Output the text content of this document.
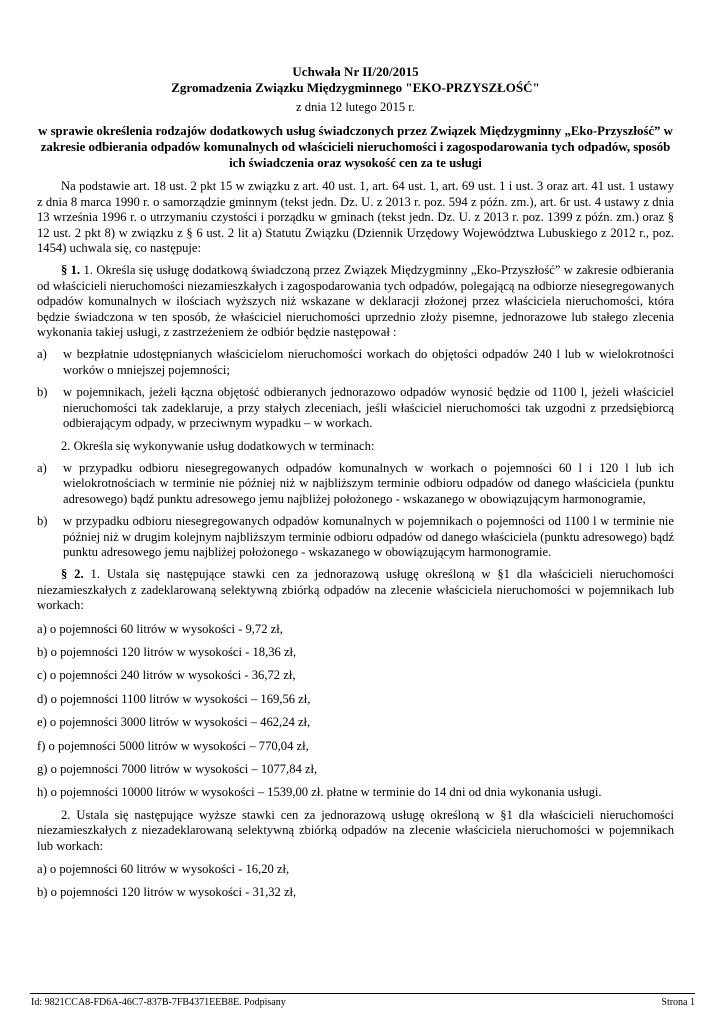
Uchwała Nr II/20/2015
Zgromadzenia Związku Międzygminnego "EKO-PRZYSZŁOŚĆ"
z dnia 12 lutego 2015 r.
w sprawie określenia rodzajów dodatkowych usług świadczonych przez Związek Międzygminny „Eko-Przyszłość” w zakresie odbierania odpadów komunalnych od właścicieli nieruchomości i zagospodarowania tych odpadów, sposób ich świadczenia oraz wysokość cen za te usługi

Na podstawie art. 18 ust. 2 pkt 15 w związku z art. 40 ust. 1, art. 64 ust. 1, art. 69 ust. 1 i ust. 3 oraz art. 41 ust. 1 ustawy z dnia 8 marca 1990 r. o samorządzie gminnym (tekst jedn. Dz. U. z 2013 r. poz. 594 z późn. zm.), art. 6r ust. 4 ustawy z dnia 13 września 1996 r. o utrzymaniu czystości i porządku w gminach (tekst jedn. Dz. U. z 2013 r. poz. 1399 z późn. zm.) oraz § 12 ust. 2 pkt 8) w związku z § 6 ust. 2 lit a) Statutu Związku (Dziennik Urzędowy Województwa Lubuskiego z 2012 r., poz. 1454) uchwala się, co następuje:

§ 1. 1. Określa się usługę dodatkową świadczoną przez Związek Międzygminny „Eko-Przyszłość” w zakresie odbierania od właścicieli nieruchomości niezamieszkałych i zagospodarowania tych odpadów, polegającą na odbiorze niesegregowanych odpadów komunalnych w ilościach wyższych niż wskazane w deklaracji złożonej przez właściciela nieruchomości, która będzie świadczona w ten sposób, że właściciel nieruchomości uprzednio złoży pisemne, jednorazowe lub stałego zlecenia wykonania takiej usługi, z zastrzeżeniem że odbiór będzie następował :

a) w bezpłatnie udostępnianych właścicielom nieruchomości workach do objętości odpadów 240 l lub w wielokrotności worków o mniejszej pojemności;
b) w pojemnikach, jeżeli łączna objętość odbieranych jednorazowo odpadów wynosić będzie od 1100 l, jeżeli właściciel nieruchomości tak zadeklaruje, a przy stałych zleceniach, jeśli właściciel nieruchomości tak uzgodni z przedsiębiorcą odbierającym odpady, w przeciwnym wypadku – w workach.

2. Określa się wykonywanie usług dodatkowych w terminach:

a) w przypadku odbioru niesegregowanych odpadów komunalnych w workach o pojemności 60 l i 120 l lub ich wielokrotnościach w terminie nie później niż w najbliższym terminie odbioru odpadów od danego właściciela (punktu adresowego) bądź punktu adresowego jemu najbliżej położonego - wskazanego w obowiązującym harmonogramie,
b) w przypadku odbioru niesegregowanych odpadów komunalnych w pojemnikach o pojemności od 1100 l w terminie nie później niż w drugim kolejnym najbliższym terminie odbioru odpadów od danego właściciela (punktu adresowego) bądź punktu adresowego jemu najbliżej położonego - wskazanego w obowiązującym harmonogramie.

§ 2. 1. Ustala się następujące stawki cen za jednorazową usługę określoną w §1 dla właścicieli nieruchomości niezamieszkałych z zadeklarowaną selektywną zbiórką odpadów na zlecenie właściciela nieruchomości w pojemnikach lub workach:

a) o pojemności 60 litrów w wysokości - 9,72 zł,

b) o pojemności 120 litrów w wysokości - 18,36 zł,

c) o pojemności 240 litrów w wysokości - 36,72 zł,

d) o pojemności 1100 litrów w wysokości – 169,56 zł,

e) o pojemności 3000 litrów w wysokości – 462,24 zł,

f) o pojemności 5000 litrów w wysokości – 770,04 zł,

g) o pojemności 7000 litrów w wysokości – 1077,84 zł,

h) o pojemności 10000 litrów w wysokości – 1539,00 zł. płatne w terminie do 14 dni od dnia wykonania usługi.

2. Ustala się następujące wyższe stawki cen za jednorazową usługę określoną w §1 dla właścicieli nieruchomości niezamieszkałych z niezadeklarowaną selektywną zbiórką odpadów na zlecenie właściciela nieruchomości w pojemnikach lub workach:

a) o pojemności 60 litrów w wysokości - 16,20 zł,

b) o pojemności 120 litrów w wysokości - 31,32 zł,

Id: 9821CCA8-FD6A-46C7-837B-7FB4371EEB8E. Podpisany	Strona 1
